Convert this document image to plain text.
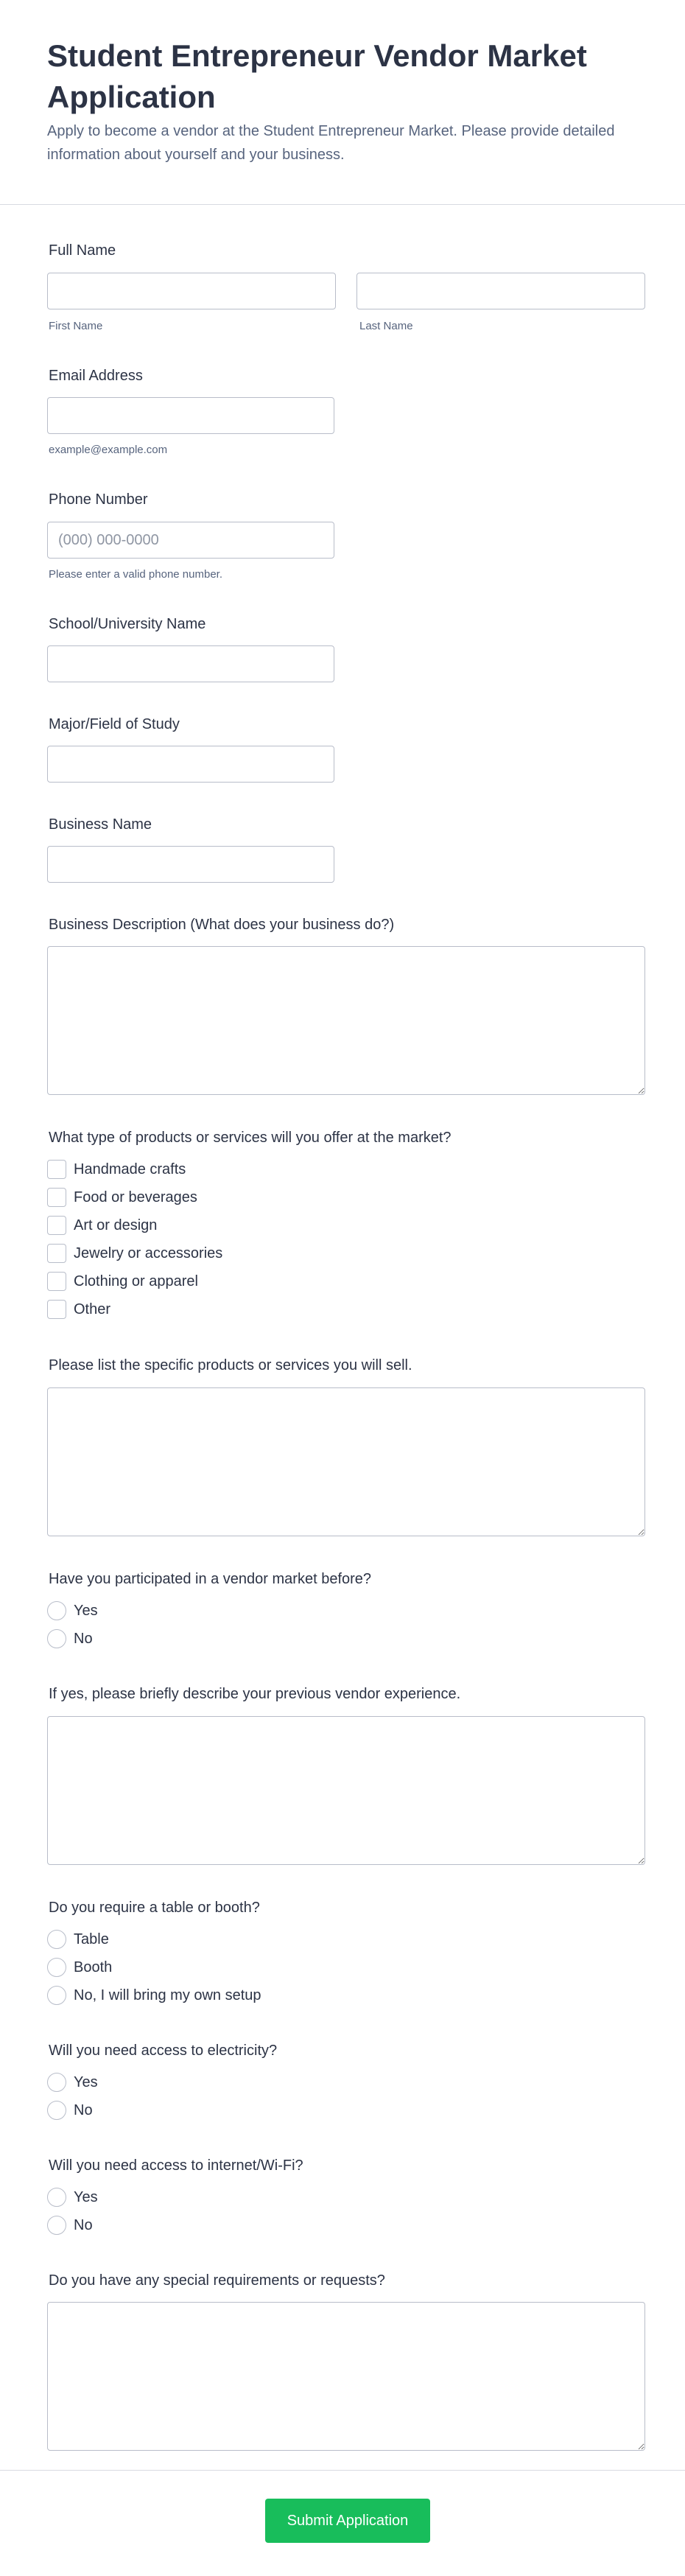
Student Entrepreneur Vendor Market Application

Apply to become a vendor at the Student Entrepreneur Market. Please provide detailed information about yourself and your business.

Full Name
First Name	Last Name
Email Address
example@example.com
Phone Number
(000) 000-0000
Please enter a valid phone number.
School/University Name
Major/Field of Study
Business Name
Business Description (What does your business do?)
What type of products or services will you offer at the market?
Handmade crafts
Food or beverages
Art or design
Jewelry or accessories
Clothing or apparel
Other
Please list the specific products or services you will sell.
Have you participated in a vendor market before?
Yes
No
If yes, please briefly describe your previous vendor experience.
Do you require a table or booth?
Table
Booth
No, I will bring my own setup
Will you need access to electricity?
Yes
No
Will you need access to internet/Wi-Fi?
Yes
No
Do you have any special requirements or requests?
Submit Application
